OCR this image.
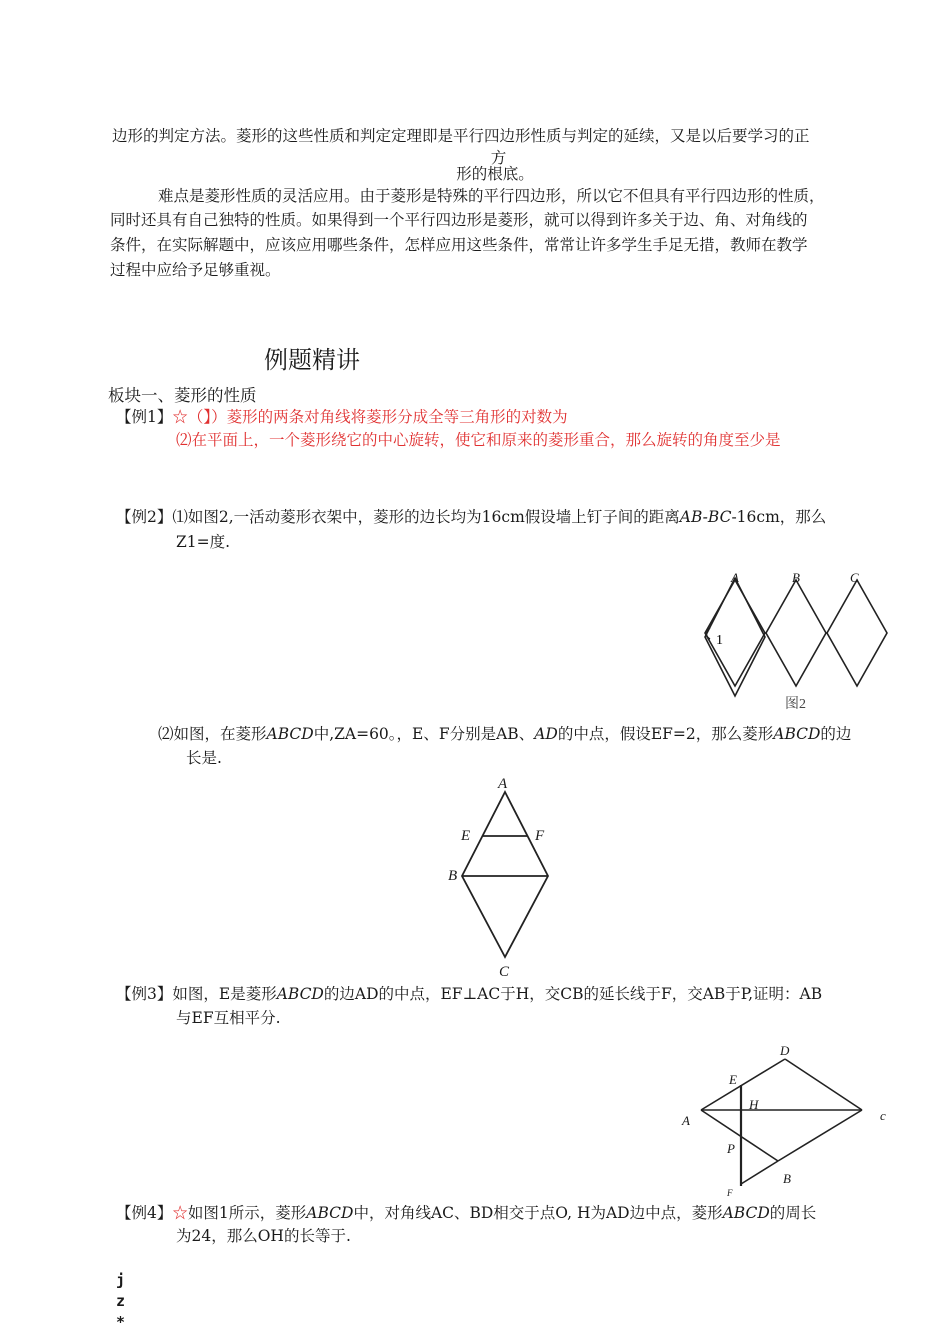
边形的判定方法。菱形的这些性质和判定定理即是平行四边形性质与判定的延续，又是以后要学习的正
方
形的根底。
难点是菱形性质的灵活应用。由于菱形是特殊的平行四边形，所以它不但具有平行四边形的性质，
同时还具有自己独特的性质。如果得到一个平行四边形是菱形，就可以得到许多关于边、角、对角线的
条件，在实际解题中，应该应用哪些条件，怎样应用这些条件，常常让许多学生手足无措，教师在教学
过程中应给予足够重视。
例题精讲
板块一、菱形的性质
【例1】☆（】）菱形的两条对角线将菱形分成全等三角形的对数为
⑵在平面上，一个菱形绕它的中心旋转，使它和原来的菱形重合，那么旋转的角度至少是
【例2】⑴如图2,一活动菱形衣架中，菱形的边长均为16cm假设墙上钉子间的距离AB-BC-16cm，那么
Z1=度.
A	B	C
1
图2
A
E	F
B
C
D
E
H
A	c
P
B
F
⑵如图，在菱形ABCD中,ZA=60。，E、F分别是AB、AD的中点，假设EF=2，那么菱形ABCD的边
长是.
【例3】如图，E是菱形ABCD的边AD的中点，EF⊥AC于H，交CB的延长线于F，交AB于P,证明：AB
与EF互相平分.
【例4】☆如图1所示，菱形ABCD中，对角线AC、BD相交于点O, H为AD边中点，菱形ABCD的周长
为24，那么OH的长等于.
j
z
*
